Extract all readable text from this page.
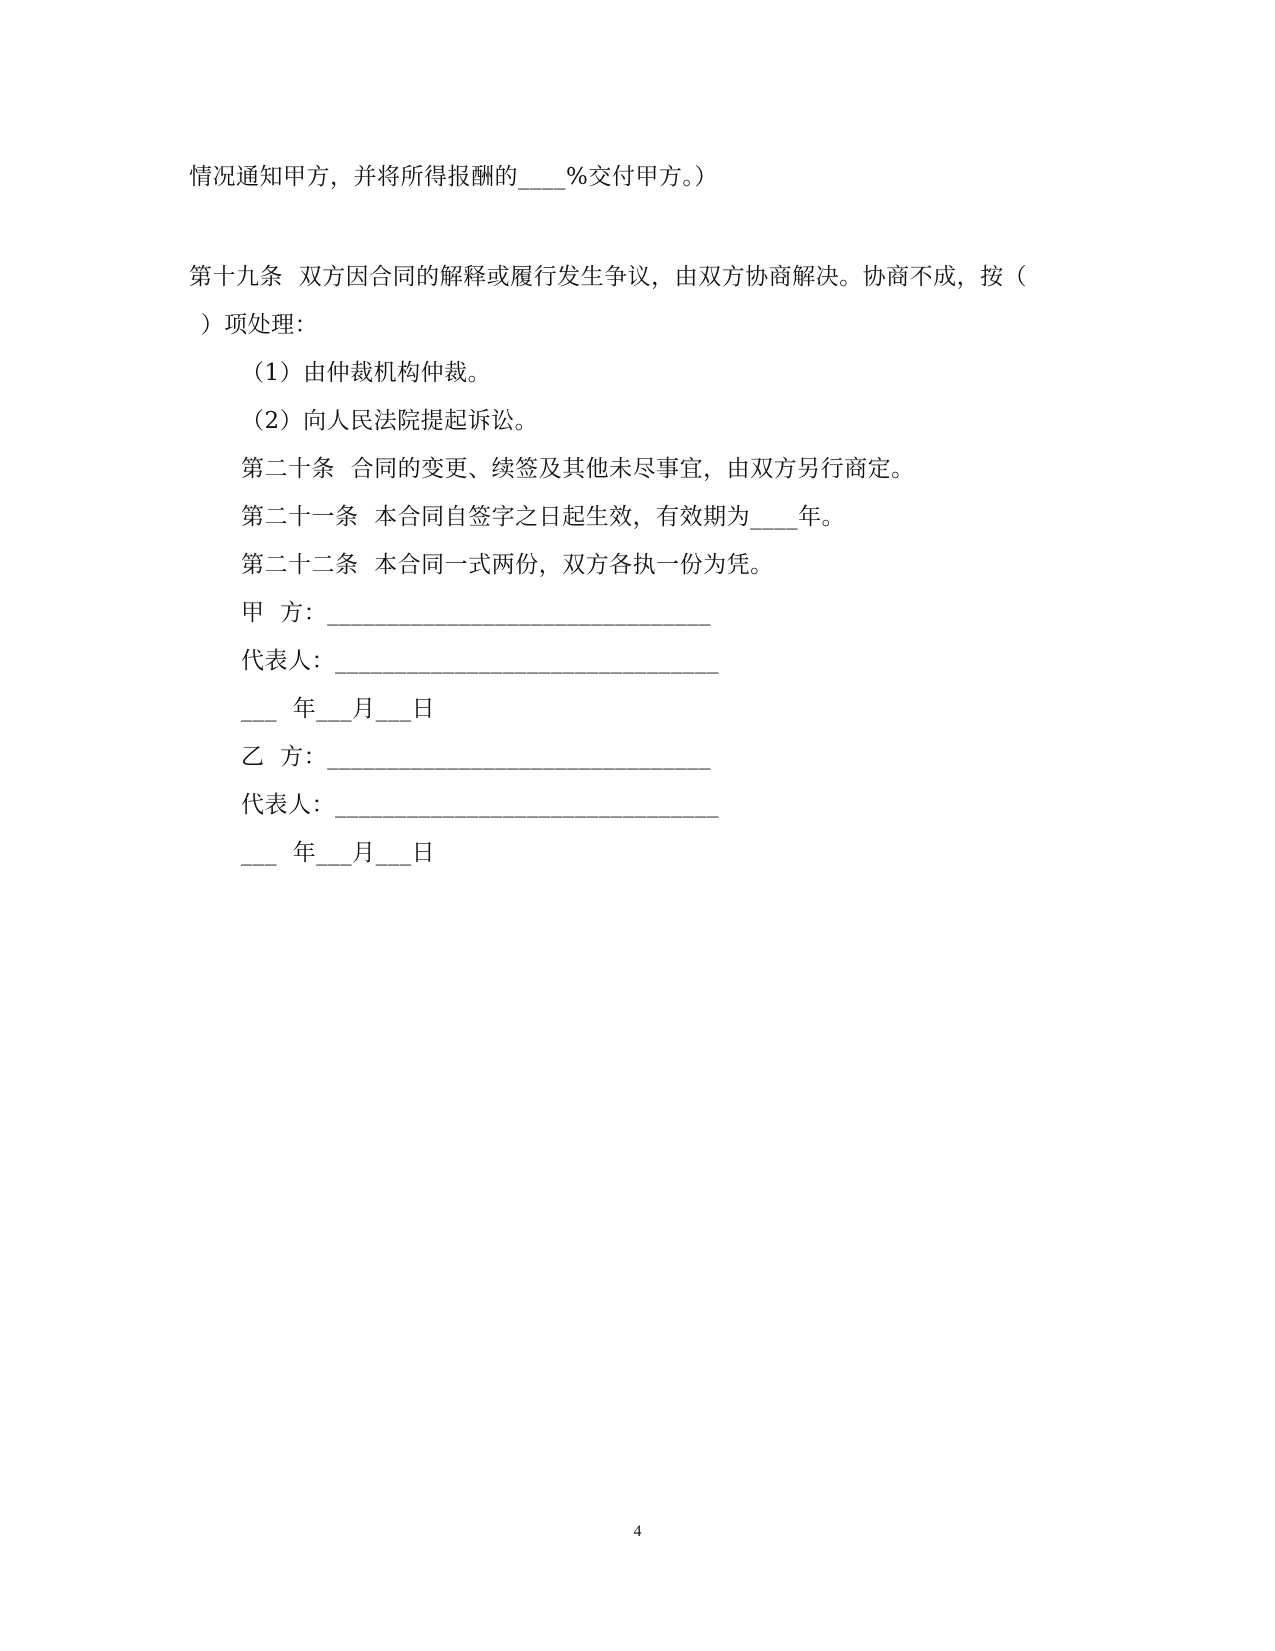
情况通知甲方，并将所得报酬的____%交付甲方。）
第十九条  双方因合同的解释或履行发生争议，由双方协商解决。协商不成，按（
）项处理：
（1）由仲裁机构仲裁。
（2）向人民法院提起诉讼。
第二十条  合同的变更、续签及其他未尽事宜，由双方另行商定。
第二十一条  本合同自签字之日起生效，有效期为____年。
第二十二条  本合同一式两份，双方各执一份为凭。
甲  方：________________________________
代表人：________________________________
___  年___月___日
乙  方：________________________________
代表人：________________________________
___  年___月___日
4
